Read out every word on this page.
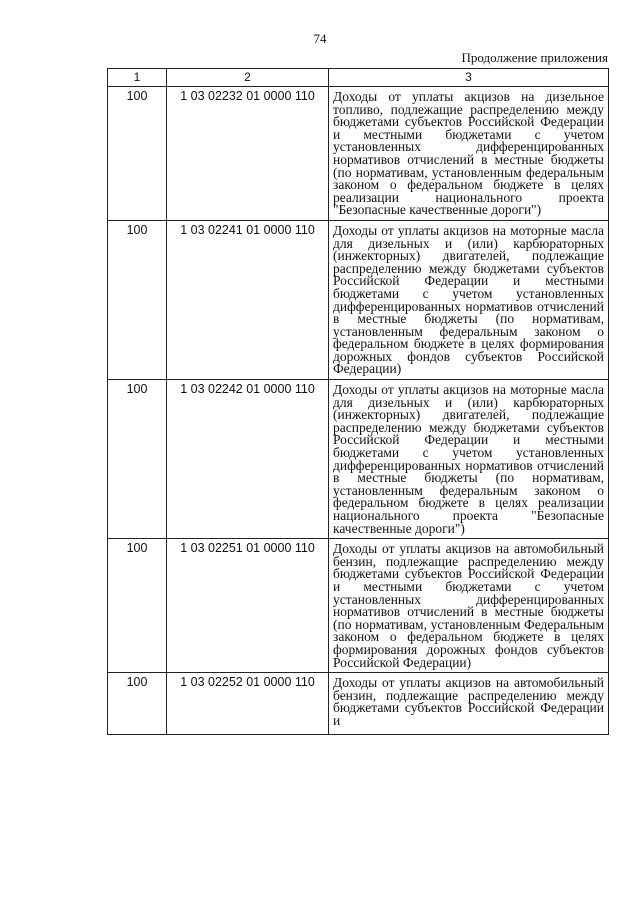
74
Продолжение приложения
1	2	3
100	1 03 02232 01 0000 110	Доходы от уплаты акцизов на дизельное топливо, подлежащие распределению между бюджетами субъектов Российской Федерации и местными бюджетами с учетом установленных дифференцированных нормативов отчислений в местные бюджеты (по нормативам, установленным федеральным законом о федеральном бюджете в целях реализации национального проекта "Безопасные качественные дороги")
100	1 03 02241 01 0000 110	Доходы от уплаты акцизов на моторные масла для дизельных и (или) карбюраторных (инжекторных) двигателей, подлежащие распределению между бюджетами субъектов Российской Федерации и местными бюджетами с учетом установленных дифференцированных нормативов отчислений в местные бюджеты (по нормативам, установленным федеральным законом о федеральном бюджете в целях формирования дорожных фондов субъектов Российской Федерации)
100	1 03 02242 01 0000 110	Доходы от уплаты акцизов на моторные масла для дизельных и (или) карбюраторных (инжекторных) двигателей, подлежащие распределению между бюджетами субъектов Российской Федерации и местными бюджетами с учетом установленных дифференцированных нормативов отчислений в местные бюджеты (по нормативам, установленным федеральным законом о федеральном бюджете в целях реализации национального проекта "Безопасные качественные дороги")
100	1 03 02251 01 0000 110	Доходы от уплаты акцизов на автомобильный бензин, подлежащие распределению между бюджетами субъектов Российской Федерации и местными бюджетами с учетом установленных дифференцированных нормативов отчислений в местные бюджеты (по нормативам, установленным Федеральным законом о федеральном бюджете в целях формирования дорожных фондов субъектов Российской Федерации)
100	1 03 02252 01 0000 110	Доходы от уплаты акцизов на автомобильный бензин, подлежащие распределению между бюджетами субъектов Российской Федерации и
